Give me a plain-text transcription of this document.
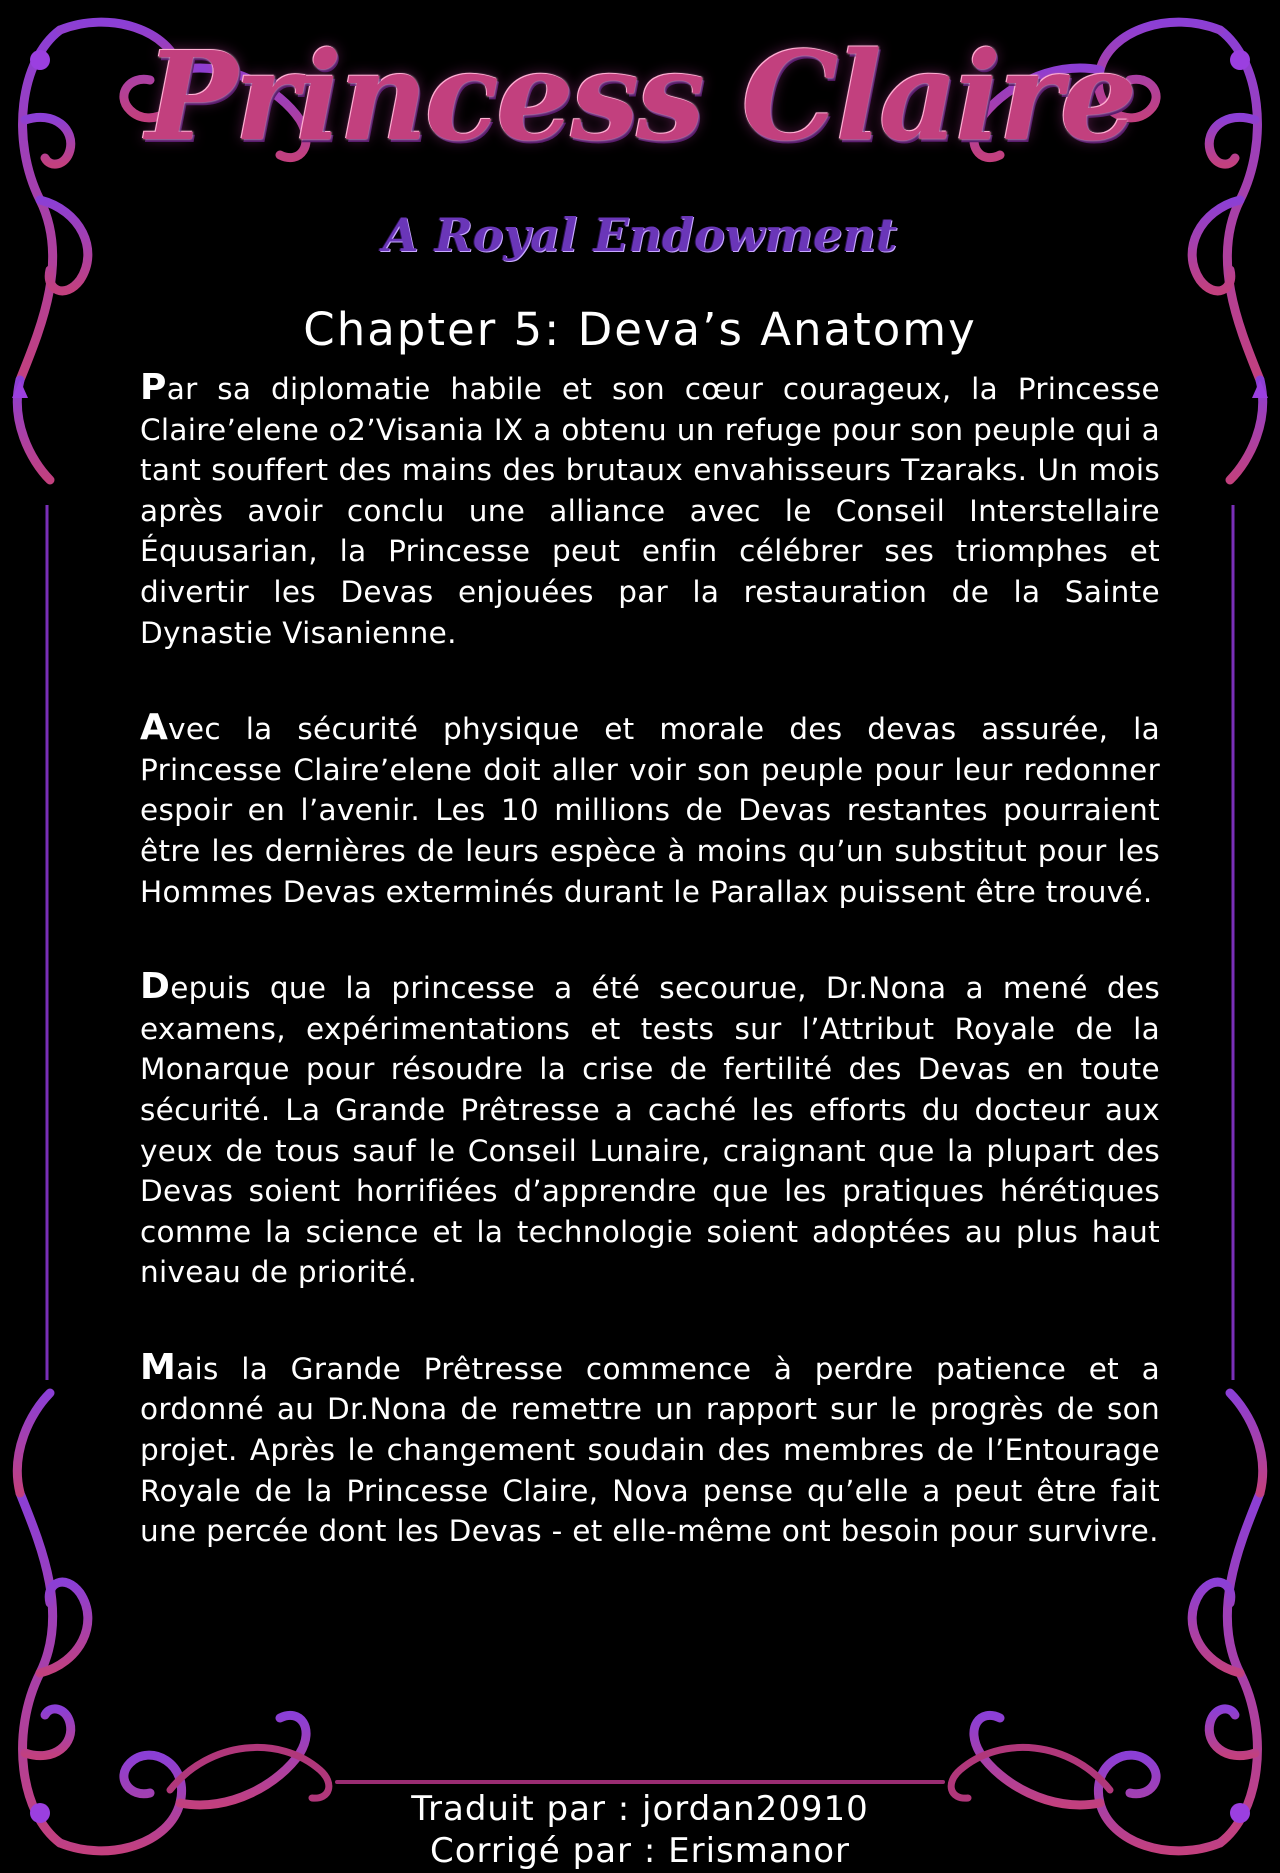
Princess Claire
A Royal Endowment
Chapter 5: Deva’s Anatomy

Par sa diplomatie habile et son cœur courageux, la Princesse Claire’elene o2’Visania IX a obtenu un refuge pour son peuple qui a tant souffert des mains des brutaux envahisseurs Tzaraks. Un mois après avoir conclu une alliance avec le Conseil Interstellaire Équusarian, la Princesse peut enfin célébrer ses triomphes et divertir les Devas enjouées par la restauration de la Sainte Dynastie Visanienne.

Avec la sécurité physique et morale des devas assurée, la Princesse Claire’elene doit aller voir son peuple pour leur redonner espoir en l’avenir. Les 10 millions de Devas restantes pourraient être les dernières de leurs espèce à moins qu’un substitut pour les Hommes Devas exterminés durant le Parallax puissent être trouvé.

Depuis que la princesse a été secourue, Dr.Nona a mené des examens, expérimentations et tests sur l’Attribut Royale de la Monarque pour résoudre la crise de fertilité des Devas en toute sécurité. La Grande Prêtresse a caché les efforts du docteur aux yeux de tous sauf le Conseil Lunaire, craignant que la plupart des Devas soient horrifiées d’apprendre que les pratiques hérétiques comme la science et la technologie soient adoptées au plus haut niveau de priorité.

Mais la Grande Prêtresse commence à perdre patience et a ordonné au Dr.Nona de remettre un rapport sur le progrès de son projet. Après le changement soudain des membres de l’Entourage Royale de la Princesse Claire, Nova pense qu’elle a peut être fait une percée dont les Devas - et elle-même ont besoin pour survivre.

Traduit par : jordan20910
Corrigé par : Erismanor
